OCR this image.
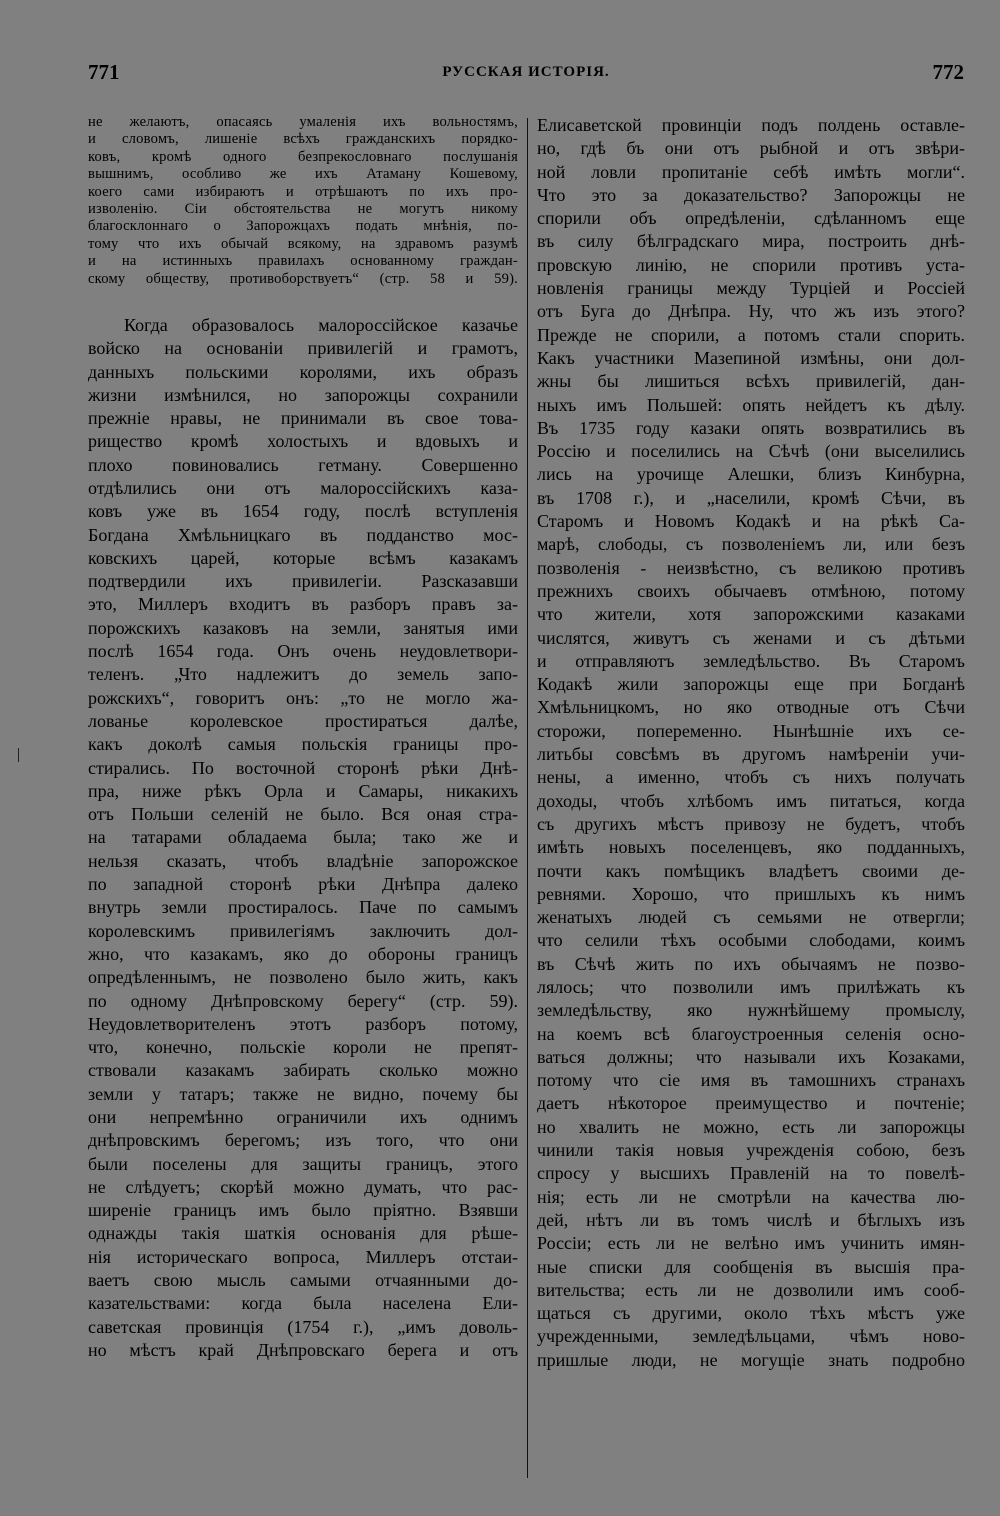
771	РУССКАЯ ИСТОРІЯ.	772
не желаютъ, опасаясь умаленія ихъ вольностямъ,
и словомъ, лишеніе всѣхъ гражданскихъ порядко-
ковъ, кромѣ одного безпрекословнаго послушанія
вышнимъ, особливо же ихъ Атаману Кошевому,
коего сами избираютъ и отрѣшаютъ по ихъ про-
изволенію. Сіи обстоятельства не могутъ никому
благосклоннаго о Запорожцахъ подать мнѣнія, по-
тому что ихъ обычай всякому, на здравомъ разумѣ
и на истинныхъ правилахъ основанному граждан-
скому обществу, противоборствуетъ“ (стр. 58 и 59).
Когда образовалось малороссійское казачье
войско на основаніи привилегій и грамотъ,
данныхъ польскими королями, ихъ образъ
жизни измѣнился, но запорожцы сохранили
прежніе нравы, не принимали въ свое това-
рищество кромѣ холостыхъ и вдовыхъ и
плохо повиновались гетману. Совершенно
отдѣлились они отъ малороссійскихъ каза-
ковъ уже въ 1654 году, послѣ вступленія
Богдана Хмѣльницкаго въ подданство мос-
ковскихъ царей, которые всѣмъ казакамъ
подтвердили ихъ привилегіи. Разсказавши
это, Миллеръ входитъ въ разборъ правъ за-
порожскихъ казаковъ на земли, занятыя ими
послѣ 1654 года. Онъ очень неудовлетвори-
теленъ. „Что надлежитъ до земель запо-
рожскихъ“, говоритъ онъ: „то не могло жа-
лованье королевское простираться далѣе,
какъ доколѣ самыя польскія границы про-
стирались. По восточной сторонѣ рѣки Днѣ-
пра, ниже рѣкъ Орла и Самары, никакихъ
отъ Польши селеній не было. Вся оная стра-
на татарами обладаема была; тако же и
нельзя сказать, чтобъ владѣніе запорожское
по западной сторонѣ рѣки Днѣпра далеко
внутрь земли простиралось. Паче по самымъ
королевскимъ привилегіямъ заключить дол-
жно, что казакамъ, яко до обороны границъ
опредѣленнымъ, не позволено было жить, какъ
по одному Днѣпровскому берегу“ (стр. 59).
Неудовлетворителенъ этотъ разборъ потому,
что, конечно, польскіе короли не препят-
ствовали казакамъ забирать сколько можно
земли у татаръ; также не видно, почему бы
они непремѣнно ограничили ихъ однимъ
днѣпровскимъ берегомъ; изъ того, что они
были поселены для защиты границъ, этого
не слѣдуетъ; скорѣй можно думать, что рас-
ширеніе границъ имъ было пріятно. Взявши
однажды такія шаткія основанія для рѣше-
нія историческаго вопроса, Миллеръ отстаи-
ваетъ свою мысль самыми отчаянными до-
казательствами: когда была населена Ели-
саветская провинція (1754 г.), „имъ доволь-
но мѣстъ край Днѣпровскаго берега и отъ
Елисаветской провинціи подъ полдень оставле-
но, гдѣ бъ они отъ рыбной и отъ звѣри-
ной ловли пропитаніе себѣ имѣть могли“.
Что это за доказательство? Запорожцы не
спорили объ опредѣленіи, сдѣланномъ еще
въ силу бѣлградскаго мира, построить днѣ-
провскую линію, не спорили противъ уста-
новленія границы между Турціей и Россіей
отъ Буга до Днѣпра. Ну, что жъ изъ этого?
Прежде не спорили, а потомъ стали спорить.
Какъ участники Мазепиной измѣны, они дол-
жны бы лишиться всѣхъ привилегій, дан-
ныхъ имъ Польшей: опять нейдетъ къ дѣлу.
Въ 1735 году казаки опять возвратились въ
Россію и поселились на Сѣчѣ (они выселились
лись на урочище Алешки, близъ Кинбурна,
въ 1708 г.), и „населили, кромѣ Сѣчи, въ
Старомъ и Новомъ Кодакѣ и на рѣкѣ Са-
марѣ, слободы, съ позволеніемъ ли, или безъ
позволенія - неизвѣстно, съ великою противъ
прежнихъ своихъ обычаевъ отмѣною, потому
что жители, хотя запорожскими казаками
числятся, живутъ съ женами и съ дѣтьми
и отправляютъ земледѣльство. Въ Старомъ
Кодакѣ жили запорожцы еще при Богданѣ
Хмѣльницкомъ, но яко отводные отъ Сѣчи
сторожи, попеременно. Нынѣшніе ихъ се-
литьбы совсѣмъ въ другомъ намѣреніи учи-
нены, а именно, чтобъ съ нихъ получать
доходы, чтобъ хлѣбомъ имъ питаться, когда
съ другихъ мѣстъ привозу не будетъ, чтобъ
имѣть новыхъ поселенцевъ, яко подданныхъ,
почти какъ помѣщикъ владѣетъ своими де-
ревнями. Хорошо, что пришлыхъ къ нимъ
женатыхъ людей съ семьями не отвергли;
что селили тѣхъ особыми слободами, коимъ
въ Сѣчѣ жить по ихъ обычаямъ не позво-
лялось; что позволили имъ прилѣжать къ
земледѣльству, яко нужнѣйшему промыслу,
на коемъ всѣ благоустроенныя селенія осно-
ваться должны; что называли ихъ Козаками,
потому что сіе имя въ тамошнихъ странахъ
даетъ нѣкоторое преимущество и почтеніе;
но хвалить не можно, есть ли запорожцы
чинили такія новыя учрежденія собою, безъ
спросу у высшихъ Правленій на то повелѣ-
нія; есть ли не смотрѣли на качества лю-
дей, нѣтъ ли въ томъ числѣ и бѣглыхъ изъ
Россіи; есть ли не велѣно имъ учинить имян-
ные списки для сообщенія въ высшія пра-
вительства; есть ли не дозволили имъ сооб-
щаться съ другими, около тѣхъ мѣстъ уже
учрежденными, земледѣльцами, чѣмъ ново-
пришлые люди, не могущіе знать подробно
